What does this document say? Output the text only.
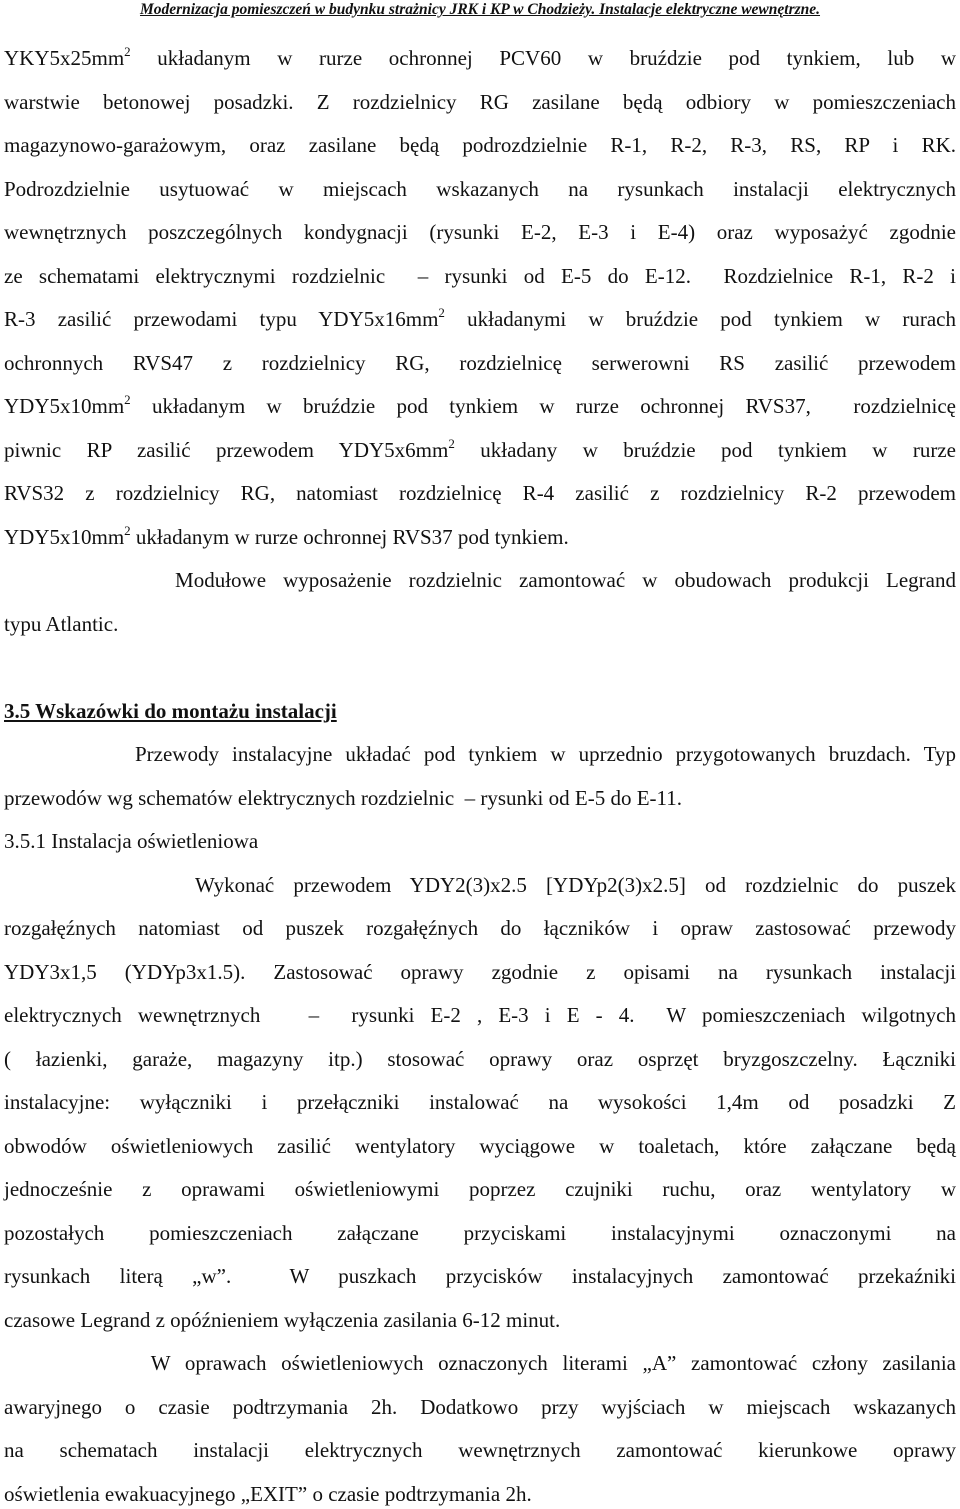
Modernizacja pomieszczeń w budynku strażnicy JRK i KP w Chodzieży. Instalacje elektryczne wewnętrzne.
$YKY5x25mm^2$ układanym w rurze ochronnej PCV60 w bruździe pod tynkiem, lub w
warstwie betonowej posadzki. Z rozdzielnicy RG zasilane będą odbiory w pomieszczeniach
magazynowo-garażowym, oraz zasilane będą podrozdzielnie R-1, R-2, R-3, RS, RP i RK.
Podrozdzielnie usytuować w miejscach wskazanych na rysunkach instalacji elektrycznych
wewnętrznych poszczególnych kondygnacji (rysunki E-2, E-3 i E-4) oraz wyposażyć zgodnie
ze schematami elektrycznymi rozdzielnic  – rysunki od E-5 do E-12.  Rozdzielnice R-1, R-2 i
R-3 zasilić przewodami typu $YDY5x16mm^2$ układanymi w bruździe pod tynkiem w rurach
ochronnych RVS47 z rozdzielnicy RG, rozdzielnicę serwerowni RS zasilić przewodem
$YDY5x10mm^2$ układanym w bruździe pod tynkiem w rurze ochronnej RVS37,  rozdzielnicę
piwnic RP zasilić przewodem $YDY5x6mm^2$ układany w bruździe pod tynkiem w rurze
RVS32 z rozdzielnicy RG, natomiast rozdzielnicę R-4 zasilić z rozdzielnicy R-2 przewodem
$YDY5x10mm^2$ układanym w rurze ochronnej RVS37 pod tynkiem.
Modułowe wyposażenie rozdzielnic zamontować w obudowach produkcji Legrand
typu Atlantic.
3.5 Wskazówki do montażu instalacji
Przewody instalacyjne układać pod tynkiem w uprzednio przygotowanych bruzdach. Typ
przewodów wg schematów elektrycznych rozdzielnic  – rysunki od E-5 do E-11.
3.5.1 Instalacja oświetleniowa
Wykonać przewodem YDY2(3)x2.5 [YDYp2(3)x2.5] od rozdzielnic do puszek
rozgałęźnych natomiast od puszek rozgałęźnych do łączników i opraw zastosować przewody
YDY3x1,5 (YDYp3x1.5). Zastosować oprawy zgodnie z opisami na rysunkach instalacji
elektrycznych wewnętrznych   –  rysunki E-2 , E-3 i E - 4.  W pomieszczeniach wilgotnych
( łazienki, garaże, magazyny itp.) stosować oprawy oraz osprzęt bryzgoszczelny. Łączniki
instalacyjne: wyłączniki i przełączniki instalować na wysokości 1,4m od posadzki Z
obwodów oświetleniowych zasilić wentylatory wyciągowe w toaletach, które załączane będą
jednocześnie z oprawami oświetleniowymi poprzez czujniki ruchu, oraz wentylatory w
pozostałych pomieszczeniach załączane przyciskami instalacyjnymi oznaczonymi na
rysunkach literą „w”.  W puszkach przycisków instalacyjnych zamontować przekaźniki
czasowe Legrand z opóźnieniem wyłączenia zasilania 6-12 minut.
W oprawach oświetleniowych oznaczonych literami „A” zamontować człony zasilania
awaryjnego o czasie podtrzymania 2h. Dodatkowo przy wyjściach w miejscach wskazanych
na schematach instalacji elektrycznych wewnętrznych zamontować kierunkowe oprawy
oświetlenia ewakuacyjnego „EXIT” o czasie podtrzymania 2h.
